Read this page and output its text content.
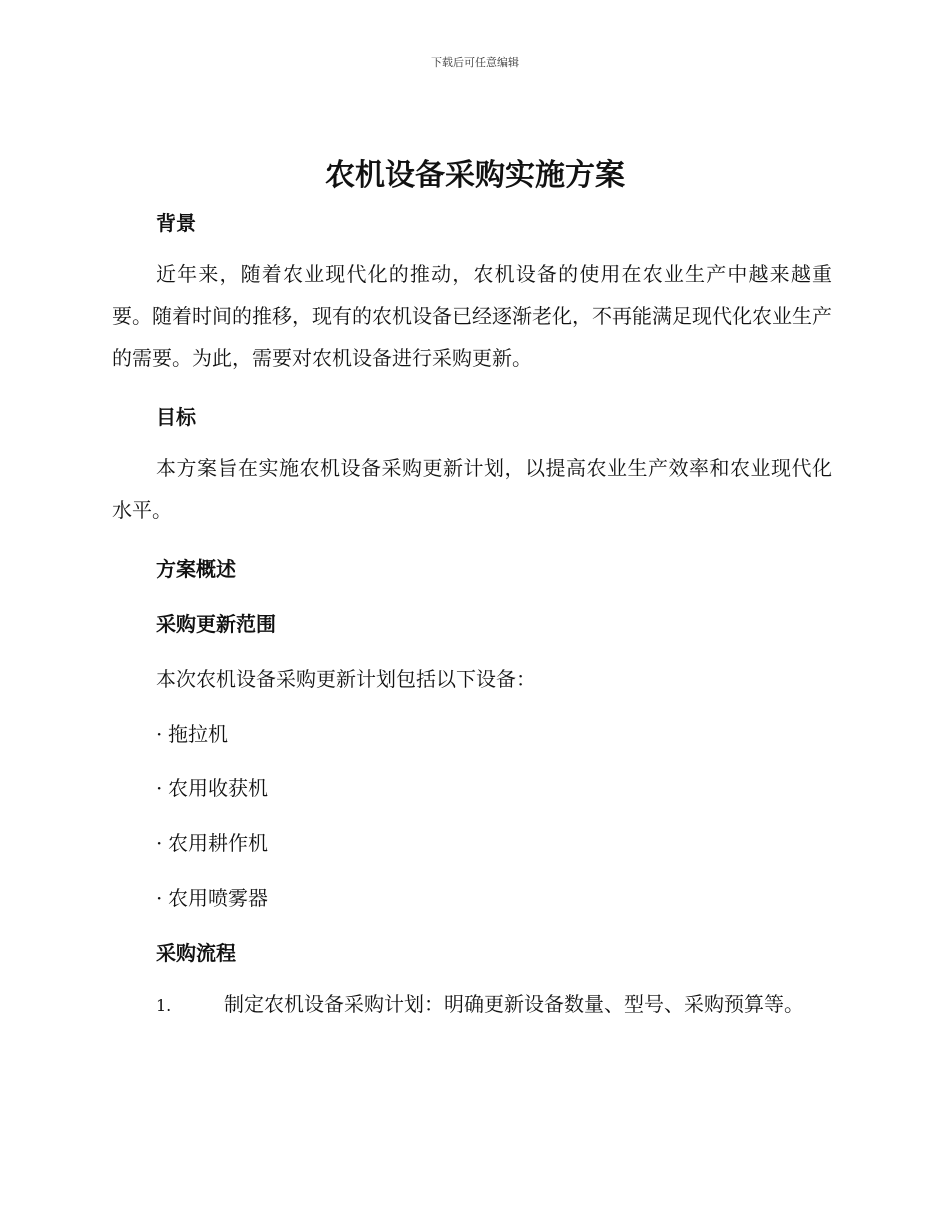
下载后可任意编辑
农机设备采购实施方案
背景
近年来，随着农业现代化的推动，农机设备的使用在农业生产中越来越重要。随着时间的推移，现有的农机设备已经逐渐老化，不再能满足现代化农业生产的需要。为此，需要对农机设备进行采购更新。
目标
本方案旨在实施农机设备采购更新计划，以提高农业生产效率和农业现代化水平。
方案概述
采购更新范围
本次农机设备采购更新计划包括以下设备：
· 拖拉机
· 农用收获机
· 农用耕作机
· 农用喷雾器
采购流程
1.	制定农机设备采购计划：明确更新设备数量、型号、采购预算等。
